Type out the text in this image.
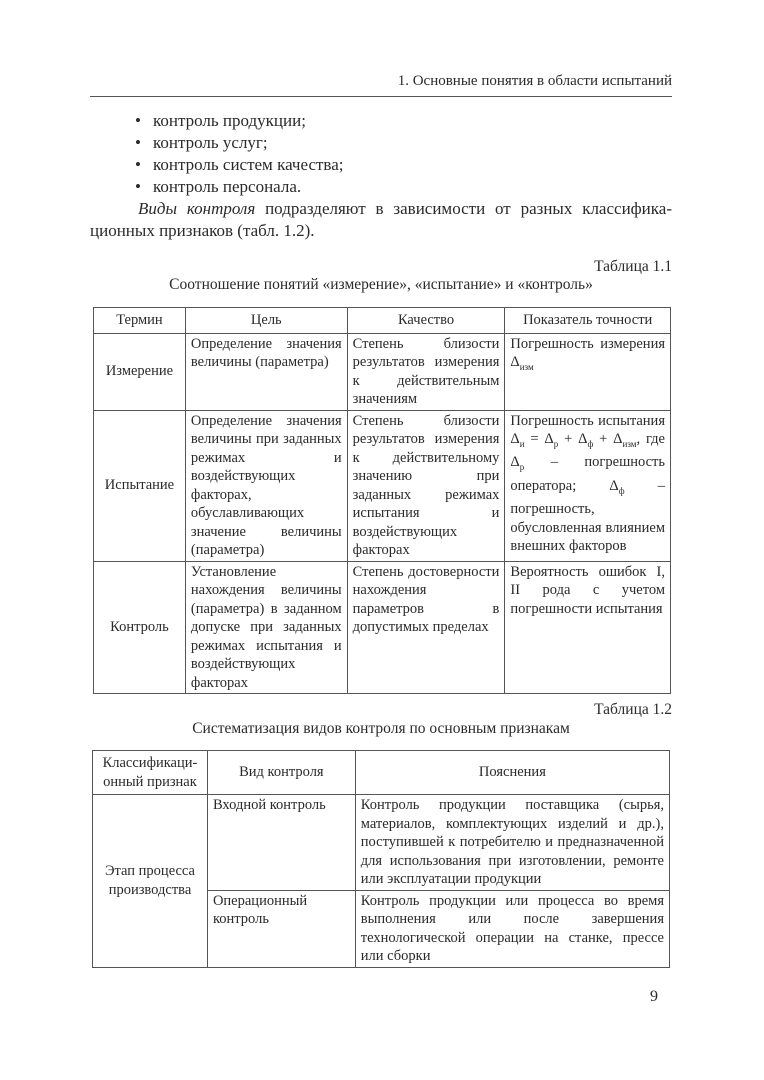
1. Основные понятия в области испытаний
• контроль продукции;
• контроль услуг;
• контроль систем качества;
• контроль персонала.

Виды контроля подразделяют в зависимости от разных классифика-ционных признаков (табл. 1.2).

Таблица 1.1
Соотношение понятий «измерение», «испытание» и «контроль»
Термин	Цель	Качество	Показатель точности
Измерение	Определение значения величины (параметра)	Степень близости результатов измерения к действительным значениям	Погрешность измерения $\Delta_{изм}$
Испытание	Определение значения величины при заданных режимах и воздействующих факторах, обуславливающих значение величины (параметра)	Степень близости результатов измерения к действительному значению при заданных режимах испытания и воздействующих факторах	Погрешность испытания $\Delta_и = \Delta_р + \Delta_ф + \Delta_{изм}$, где $\Delta_р$ – погрешность оператора; $\Delta_ф$ – погрешность, обусловленная влиянием внешних факторов
Контроль	Установление нахождения величины (параметра) в заданном допуске при заданных режимах испытания и воздействующих факторах	Степень достоверности нахождения параметров в допустимых пределах	Вероятность ошибок I, II рода с учетом погрешности испытания
Таблица 1.2
Систематизация видов контроля по основным признакам
Классификаци-онный признак	Вид контроля	Пояснения
Этап процесса производства	Входной контроль	Контроль продукции поставщика (сырья, материалов, комплектующих изделий и др.), поступившей к потребителю и предназначенной для использования при изготовлении, ремонте или эксплуатации продукции
	Операционный контроль	Контроль продукции или процесса во время выполнения или после завершения технологической операции на станке, прессе или сборки
9
